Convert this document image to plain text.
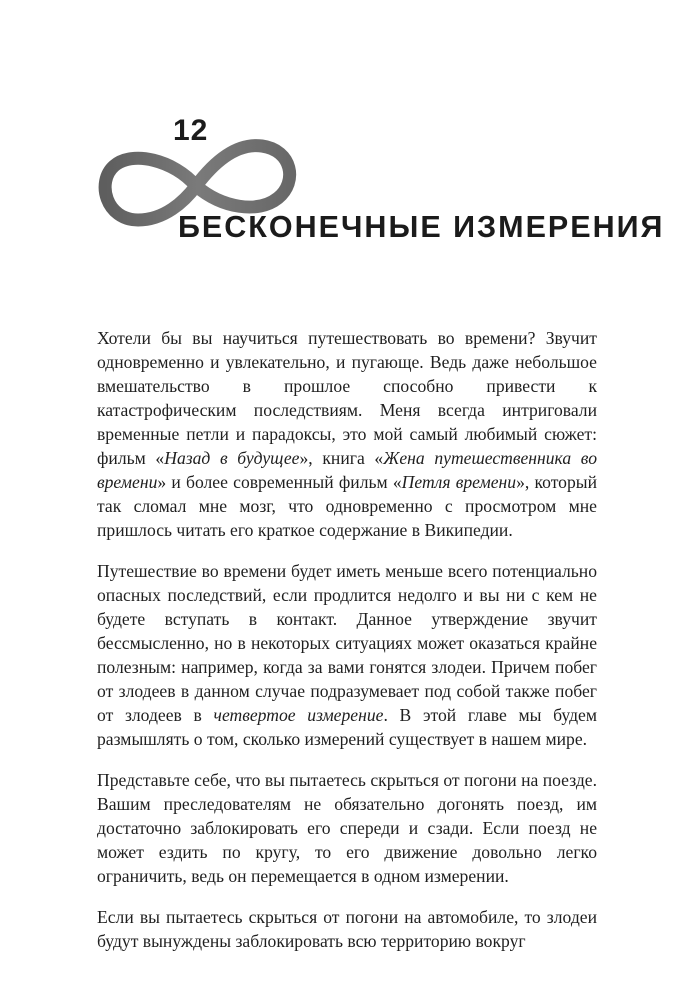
12
БЕСКОНЕЧНЫЕ ИЗМЕРЕНИЯ

Хотели бы вы научиться путешествовать во времени? Звучит одновременно и увлекательно, и пугающе. Ведь даже небольшое вмешательство в прошлое способно привести к катастрофическим последствиям. Меня всегда интриговали временные петли и парадоксы, это мой самый любимый сюжет: фильм «Назад в будущее», книга «Жена путешественника во времени» и более современный фильм «Петля времени», который так сломал мне мозг, что одновременно с просмотром мне пришлось читать его краткое содержание в Википедии.

Путешествие во времени будет иметь меньше всего потенциально опасных последствий, если продлится недолго и вы ни с кем не будете вступать в контакт. Данное утверждение звучит бессмысленно, но в некоторых ситуациях может оказаться крайне полезным: например, когда за вами гонятся злодеи. Причем побег от злодеев в данном случае подразумевает под собой также побег от злодеев в четвертое измерение. В этой главе мы будем размышлять о том, сколько измерений существует в нашем мире.

Представьте себе, что вы пытаетесь скрыться от погони на поезде. Вашим преследователям не обязательно догонять поезд, им достаточно заблокировать его спереди и сзади. Если поезд не может ездить по кругу, то его движение довольно легко ограничить, ведь он перемещается в одном измерении.

Если вы пытаетесь скрыться от погони на автомобиле, то злодеи будут вынуждены заблокировать всю территорию вокруг
